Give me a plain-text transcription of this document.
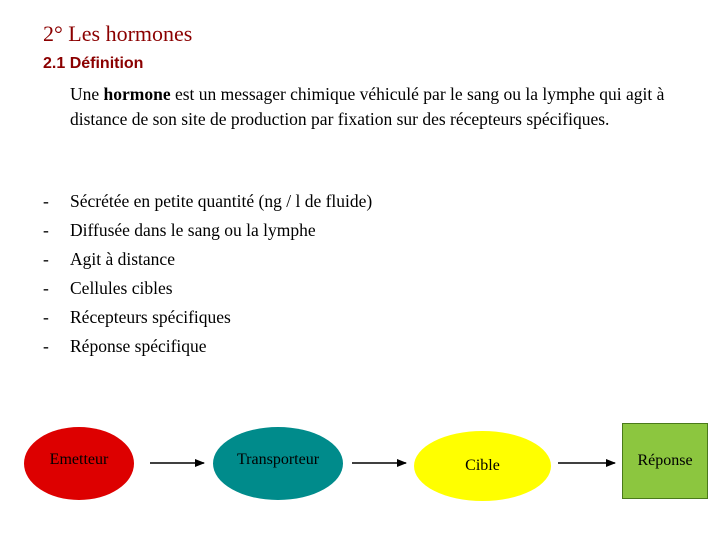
2° Les hormones
2.1 Définition
Une hormone est un messager chimique véhiculé par le sang ou la lymphe qui agit à distance de son site de production par fixation sur des récepteurs spécifiques.
- Sécrétée en petite quantité (ng / l de fluide)
- Diffusée dans le sang ou la lymphe
- Agit à distance
- Cellules cibles
- Récepteurs spécifiques
- Réponse spécifique
Emetteur	Transporteur	Cible	Réponse
